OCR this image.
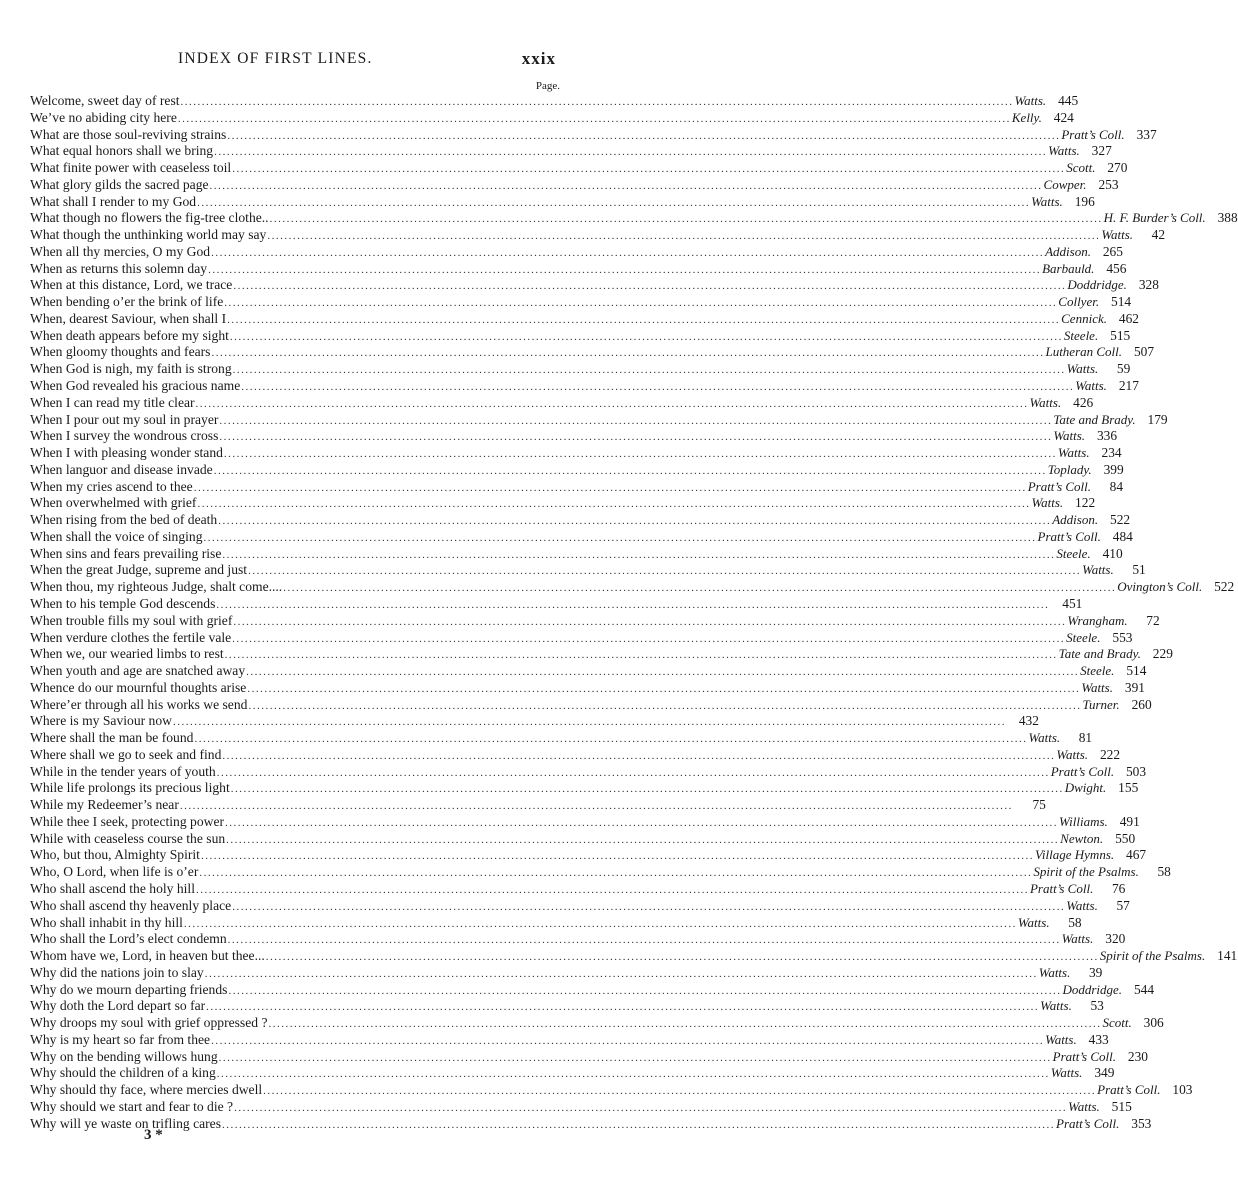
INDEX OF FIRST LINES.	xxix
Page.
Welcome, sweet day of rest .....	Watts. 445
We’ve no abiding city here .....	Kelly. 424
What are those soul-reviving strains .....	Pratt’s Coll. 337
What equal honors shall we bring .....	Watts. 327
What finite power with ceaseless toil .....	Scott. 270
What glory gilds the sacred page .....	Cowper. 253
What shall I render to my God .....	Watts. 196
What though no flowers the fig-tree clothe.. .....	H. F. Burder’s Coll. 388
What though the unthinking world may say .....	Watts.	42
When all thy mercies, O my God .....	Addison. 265
When as returns this solemn day .....	Barbauld. 456
When at this distance, Lord, we trace .....	Doddridge. 328
When bending o’er the brink of life .....	Collyer. 514
When, dearest Saviour, when shall I .....	Cennick. 462
When death appears before my sight .....	Steele. 515
When gloomy thoughts and fears .....	Lutheran Coll. 507
When God is nigh, my faith is strong .....	Watts.	59
When God revealed his gracious name .....	Watts. 217
When I can read my title clear .....	Watts. 426
When I pour out my soul in prayer .....	Tate and Brady. 179
When I survey the wondrous cross .....	Watts. 336
When I with pleasing wonder stand .....	Watts. 234
When languor and disease invade .....	Toplady. 399
When my cries ascend to thee .....	Pratt’s Coll.	84
When overwhelmed with grief .....	Watts. 122
When rising from the bed of death .....	Addison. 522
When shall the voice of singing .....	Pratt’s Coll. 484
When sins and fears prevailing rise .....	Steele. 410
When the great Judge, supreme and just .....	Watts.	51
When thou, my righteous Judge, shalt come.... .....	Ovington’s Coll. 522
When to his temple God descends .....	451
When trouble fills my soul with grief .....	Wrangham.	72
When verdure clothes the fertile vale .....	Steele. 553
When we, our wearied limbs to rest .....	Tate and Brady. 229
When youth and age are snatched away .....	Steele. 514
Whence do our mournful thoughts arise .....	Watts. 391
Where’er through all his works we send .....	Turner. 260
Where is my Saviour now .....	432
Where shall the man be found .....	Watts.	81
Where shall we go to seek and find .....	Watts. 222
While in the tender years of youth .....	Pratt’s Coll. 503
While life prolongs its precious light .....	Dwight. 155
While my Redeemer’s near .....	75
While thee I seek, protecting power .....	Williams. 491
While with ceaseless course the sun .....	Newton. 550
Who, but thou, Almighty Spirit .....	Village Hymns. 467
Who, O Lord, when life is o’er .....	Spirit of the Psalms.	58
Who shall ascend the holy hill .....	Pratt’s Coll.	76
Who shall ascend thy heavenly place .....	Watts.	57
Who shall inhabit in thy hill .....	Watts.	58
Who shall the Lord’s elect condemn .....	Watts. 320
Whom have we, Lord, in heaven but thee... .....	Spirit of the Psalms. 141
Why did the nations join to slay .....	Watts.	39
Why do we mourn departing friends .....	Doddridge. 544
Why doth the Lord depart so far .....	Watts.	53
Why droops my soul with grief oppressed ? .....	Scott. 306
Why is my heart so far from thee .....	Watts. 433
Why on the bending willows hung .....	Pratt’s Coll. 230
Why should the children of a king .....	Watts. 349
Why should thy face, where mercies dwell .....	Pratt’s Coll. 103
Why should we start and fear to die ? .....	Watts. 515
Why will ye waste on trifling cares .....	Pratt’s Coll. 353
3 *
